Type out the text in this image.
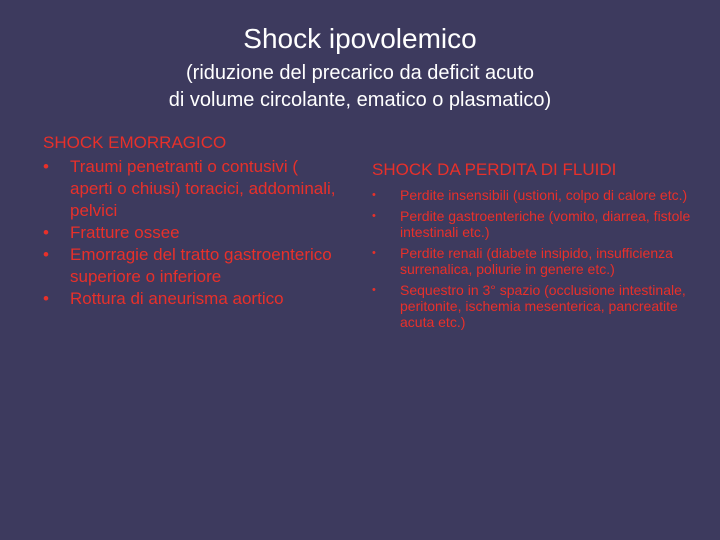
Shock ipovolemico
(riduzione del precarico da deficit acuto
di volume circolante, ematico o plasmatico)
SHOCK EMORRAGICO
•	Traumi penetranti o contusivi ( aperti o chiusi) toracici, addominali, pelvici
•	Fratture ossee
•	Emorragie del tratto gastroenterico superiore o inferiore
•	Rottura di aneurisma aortico
SHOCK DA PERDITA DI FLUIDI
• Perdite insensibili (ustioni, colpo di calore etc.)
• Perdite gastroenteriche (vomito, diarrea, fistole intestinali etc.)
• Perdite renali (diabete insipido, insufficienza surrenalica, poliurie in genere etc.)
• Sequestro in 3° spazio (occlusione intestinale, peritonite, ischemia mesenterica, pancreatite acuta etc.)
